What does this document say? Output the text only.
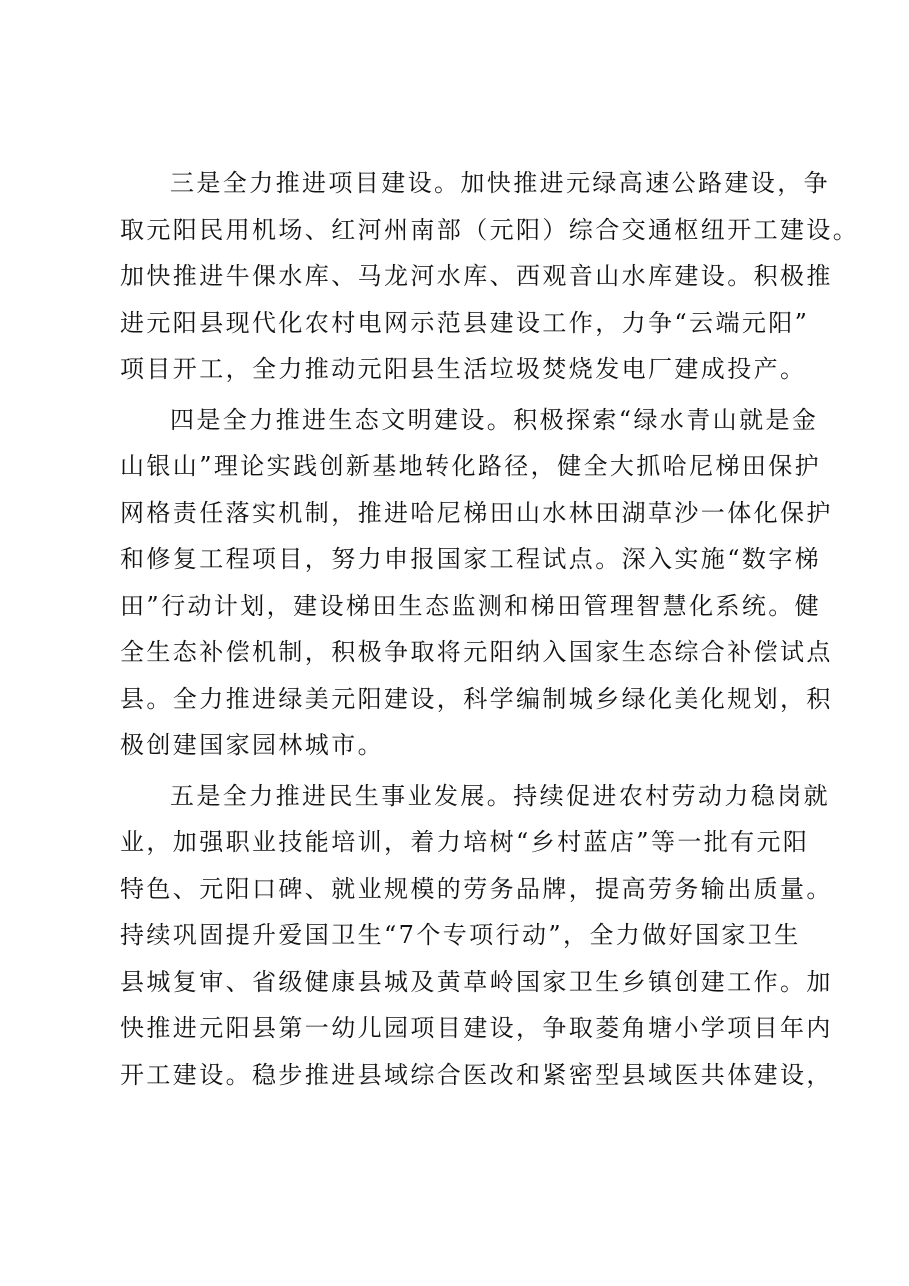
三是全力推进项目建设。加快推进元绿高速公路建设，争
取元阳民用机场、红河州南部（元阳）综合交通枢纽开工建设。
加快推进牛倮水库、马龙河水库、西观音山水库建设。积极推
进元阳县现代化农村电网示范县建设工作，力争“云端元阳”
项目开工，全力推动元阳县生活垃圾焚烧发电厂建成投产。
四是全力推进生态文明建设。积极探索“绿水青山就是金
山银山”理论实践创新基地转化路径，健全大抓哈尼梯田保护
网格责任落实机制，推进哈尼梯田山水林田湖草沙一体化保护
和修复工程项目，努力申报国家工程试点。深入实施“数字梯
田”行动计划，建设梯田生态监测和梯田管理智慧化系统。健
全生态补偿机制，积极争取将元阳纳入国家生态综合补偿试点
县。全力推进绿美元阳建设，科学编制城乡绿化美化规划，积
极创建国家园林城市。
五是全力推进民生事业发展。持续促进农村劳动力稳岗就
业，加强职业技能培训，着力培树“乡村蓝店”等一批有元阳
特色、元阳口碑、就业规模的劳务品牌，提高劳务输出质量。
持续巩固提升爱国卫生“7个专项行动”，全力做好国家卫生
县城复审、省级健康县城及黄草岭国家卫生乡镇创建工作。加
快推进元阳县第一幼儿园项目建设，争取菱角塘小学项目年内
开工建设。稳步推进县域综合医改和紧密型县域医共体建设，
